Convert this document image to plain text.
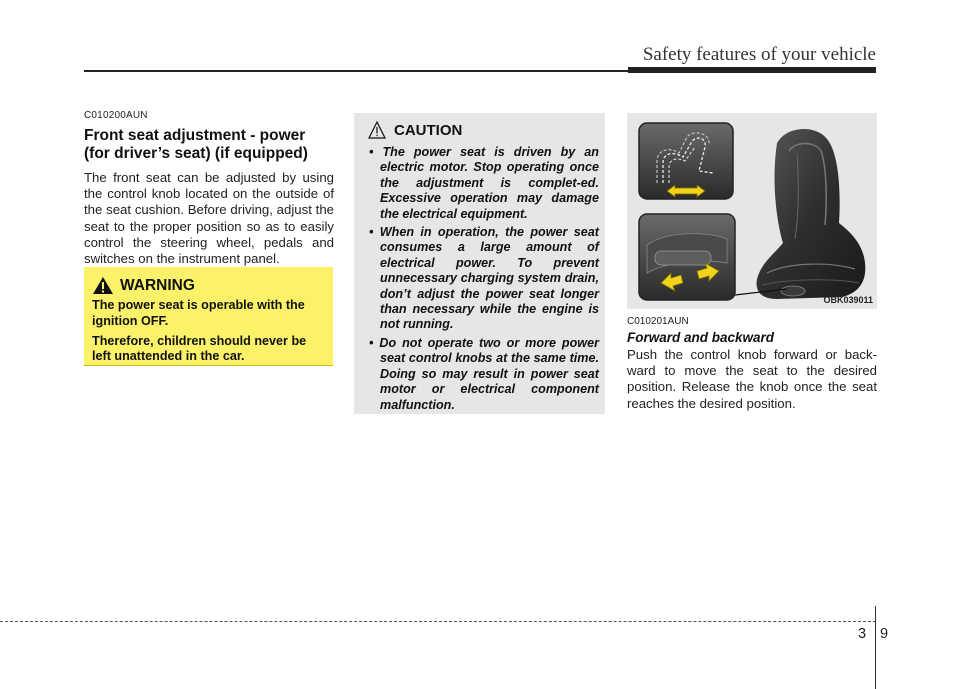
Safety features of your vehicle
C010200AUN
Front seat adjustment - power
(for driver’s seat) (if equipped)
The front seat can be adjusted by using the control knob located on the outside of the seat cushion. Before driving, adjust the seat to the proper position so as to easily control the steering wheel, pedals and switches on the instrument panel.
WARNING
The power seat is operable with the ignition OFF.
Therefore, children should never be left unattended in the car.
CAUTION
• The power seat is driven by an electric motor. Stop operating once the adjustment is complet-ed. Excessive operation may damage the electrical equipment.
• When in operation, the power seat consumes a large amount of electrical power. To prevent unnecessary charging system drain, don’t adjust the power seat longer than necessary while the engine is not running.
• Do not operate two or more power seat control knobs at the same time. Doing so may result in power seat motor or electrical component malfunction.
OBK039011
C010201AUN
Forward and backward
Push the control knob forward or back-ward to move the seat to the desired position. Release the knob once the seat reaches the desired position.
3 9
